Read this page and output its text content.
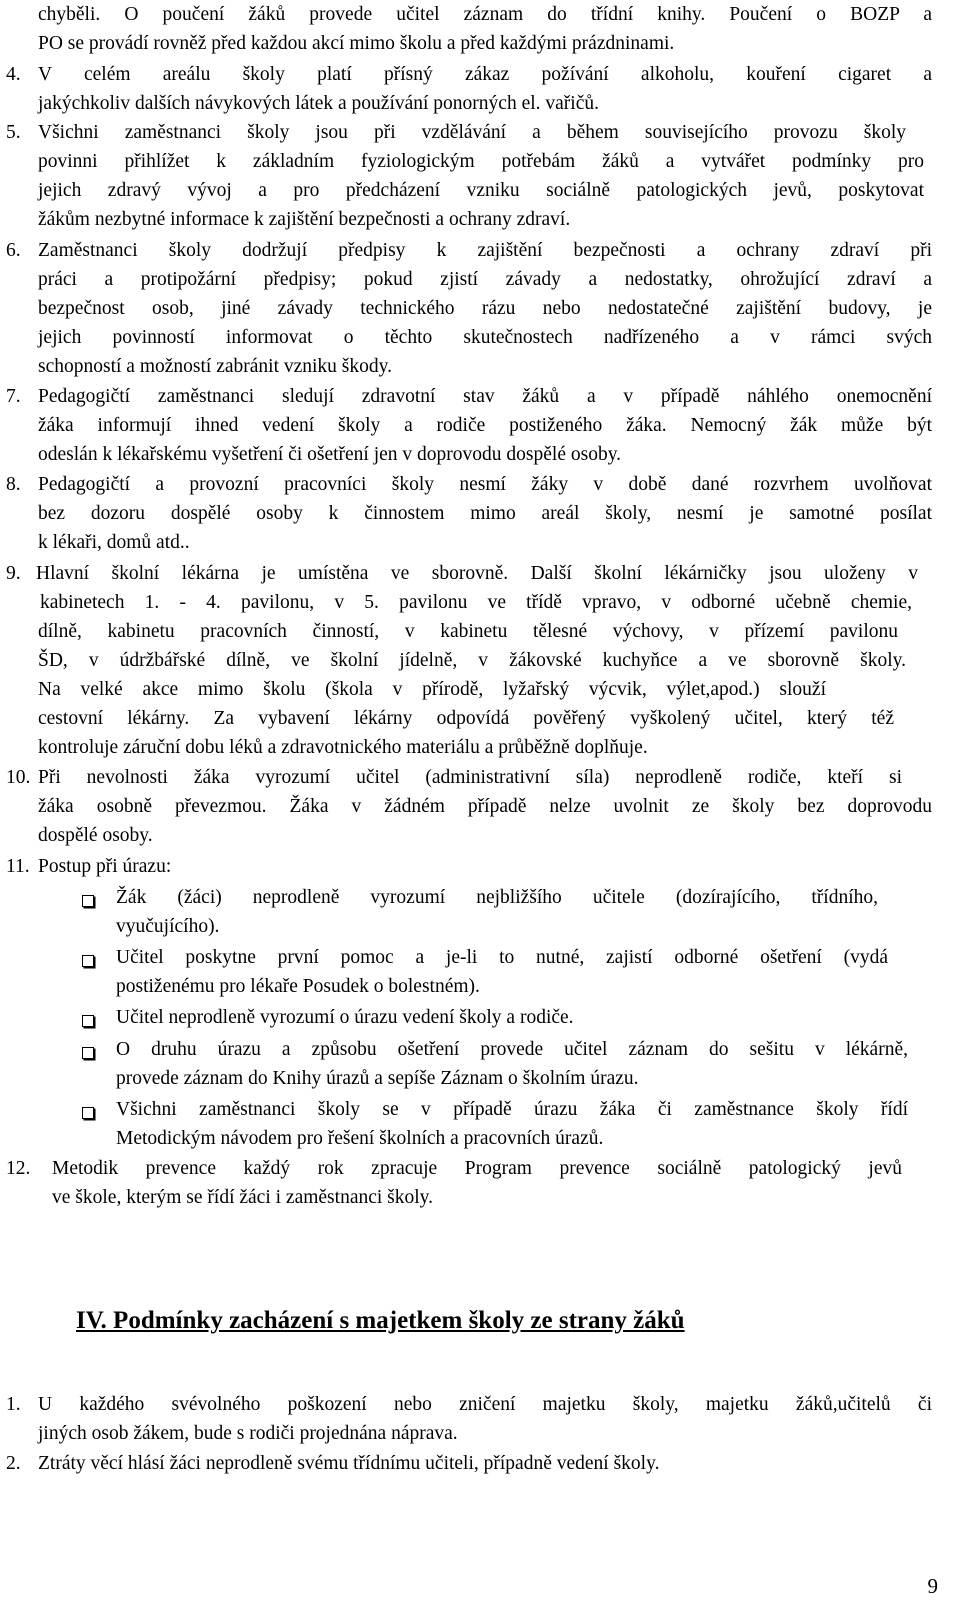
chyběli. O poučení žáků provede učitel záznam do třídní knihy. Poučení o BOZP a
PO se provádí rovněž před každou akcí mimo školu a před každými prázdninami.
4. V celém areálu školy platí přísný zákaz požívání alkoholu, kouření cigaret a
jakýchkoliv dalších návykových látek a používání ponorných el. vařičů.
5. Všichni zaměstnanci školy jsou při vzdělávání a během souvisejícího provozu školy
povinni přihlížet k základním fyziologickým potřebám žáků a vytvářet podmínky pro
jejich zdravý vývoj a pro předcházení vzniku sociálně patologických jevů, poskytovat
žákům nezbytné informace k zajištění bezpečnosti a ochrany zdraví.
6. Zaměstnanci školy dodržují předpisy k zajištění bezpečnosti a ochrany zdraví při
práci a protipožární předpisy; pokud zjistí závady a nedostatky, ohrožující zdraví a
bezpečnost osob, jiné závady technického rázu nebo nedostatečné zajištění budovy, je
jejich povinností informovat o těchto skutečnostech nadřízeného a v rámci svých
schopností a možností zabránit vzniku škody.
7. Pedagogičtí zaměstnanci sledují zdravotní stav žáků a v případě náhlého onemocnění
žáka informují ihned vedení školy a rodiče postiženého žáka. Nemocný žák může být
odeslán k lékařskému vyšetření či ošetření jen v doprovodu dospělé osoby.
8. Pedagogičtí a provozní pracovníci školy nesmí žáky v době dané rozvrhem uvolňovat
bez dozoru dospělé osoby k činnostem mimo areál školy, nesmí je samotné posílat
k lékaři, domů atd..
9. Hlavní školní lékárna je umístěna ve sborovně. Další školní lékárničky jsou uloženy v
kabinetech 1. - 4. pavilonu, v 5. pavilonu ve třídě vpravo, v odborné učebně chemie,
dílně, kabinetu pracovních činností, v kabinetu tělesné výchovy, v přízemí pavilonu
ŠD, v údržbářské dílně, ve školní jídelně, v žákovské kuchyňce a ve sborovně školy.
Na velké akce mimo školu (škola v přírodě, lyžařský výcvik, výlet,apod.) slouží
cestovní lékárny. Za vybavení lékárny odpovídá pověřený vyškolený učitel, který též
kontroluje záruční dobu léků a zdravotnického materiálu a průběžně doplňuje.
10. Při nevolnosti žáka vyrozumí učitel (administrativní síla) neprodleně rodiče, kteří si
žáka osobně převezmou. Žáka v žádném případě nelze uvolnit ze školy bez doprovodu
dospělé osoby.
11. Postup při úrazu:
Žák (žáci) neprodleně vyrozumí nejbližšího učitele (dozírajícího, třídního,
vyučujícího).
Učitel poskytne první pomoc a je-li to nutné, zajistí odborné ošetření (vydá
postiženému pro lékaře Posudek o bolestném).
Učitel neprodleně vyrozumí o úrazu vedení školy a rodiče.
O druhu úrazu a způsobu ošetření provede učitel záznam do sešitu v lékárně,
provede záznam do Knihy úrazů a sepíše Záznam o školním úrazu.
Všichni zaměstnanci školy se v případě úrazu žáka či zaměstnance školy řídí
Metodickým návodem pro řešení školních a pracovních úrazů.
12. Metodik prevence každý rok zpracuje Program prevence sociálně patologický jevů
ve škole, kterým se řídí žáci i zaměstnanci školy.
IV. Podmínky zacházení s majetkem školy ze strany žáků
1. U každého svévolného poškození nebo zničení majetku školy, majetku žáků,učitelů či
jiných osob žákem, bude s rodiči projednána náprava.
2. Ztráty věcí hlásí žáci neprodleně svému třídnímu učiteli, případně vedení školy.
9
